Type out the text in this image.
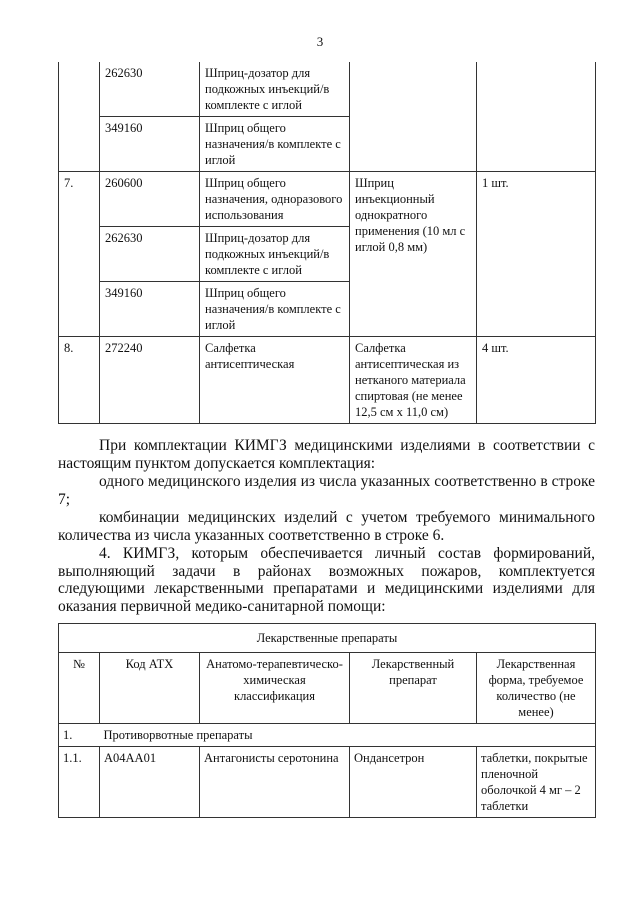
3
	262630	Шприц-дозатор для подкожных инъекций/в комплекте с иглой		
	349160	Шприц общего назначения/в комплекте с иглой		
7.	260600	Шприц общего назначения, одноразового использования	Шприц инъекционный однократного применения (10 мл с иглой 0,8 мм)	1 шт.
	262630	Шприц-дозатор для подкожных инъекций/в комплекте с иглой		
	349160	Шприц общего назначения/в комплекте с иглой		
8.	272240	Салфетка антисептическая	Салфетка антисептическая из нетканого материала спиртовая (не менее 12,5 см х 11,0 см)	4 шт.
При комплектации КИМГЗ медицинскими изделиями в соответствии с настоящим пунктом допускается комплектация:
одного медицинского изделия из числа указанных соответственно в строке
7;
комбинации медицинских изделий с учетом требуемого минимального количества из числа указанных соответственно в строке 6.
4. КИМГЗ, которым обеспечивается личный состав формирований, выполняющий задачи в районах возможных пожаров, комплектуется следующими лекарственными препаратами и медицинскими изделиями для оказания первичной медико-санитарной помощи:
Лекарственные препараты				
№	Код АТХ	Анатомо-терапевтическо-химическая классификация	Лекарственный препарат	Лекарственная форма, требуемое количество (не менее)
1.	Противорвотные препараты			
1.1.	A04AA01	Антагонисты серотонина	Ондансетрон	таблетки, покрытые пленочной оболочкой 4 мг – 2 таблетки
